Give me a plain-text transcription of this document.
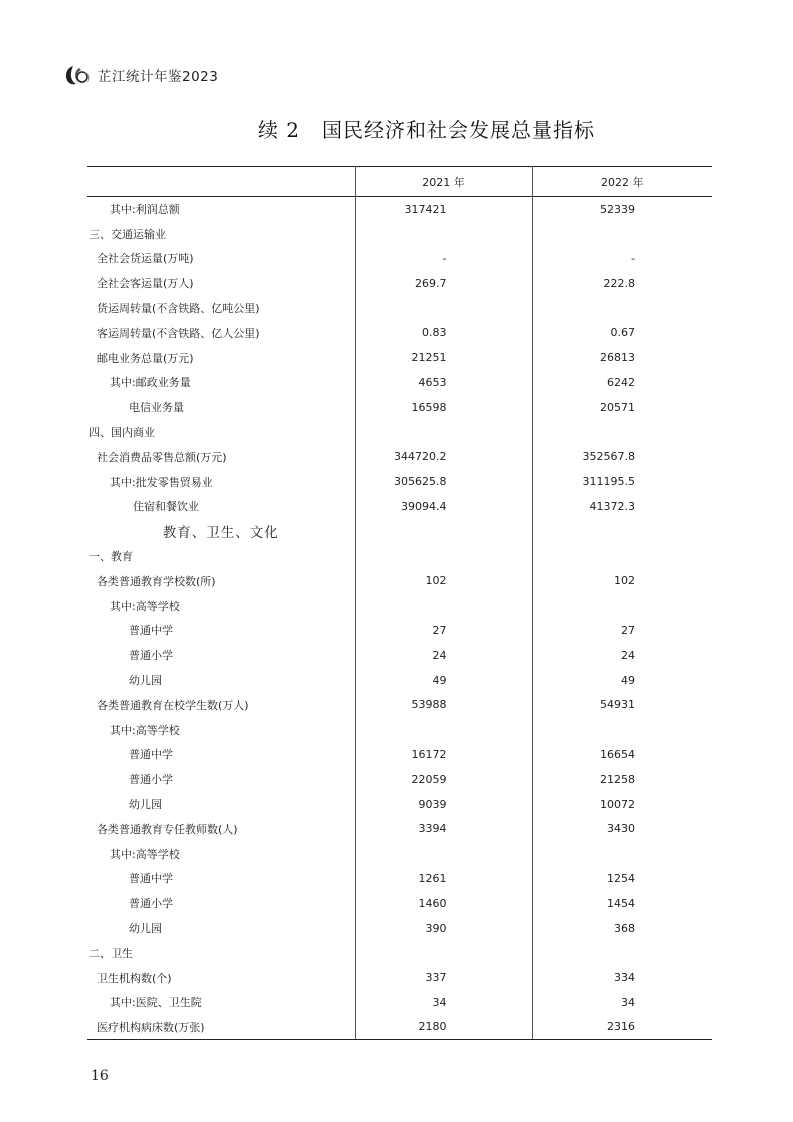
芷江统计年鉴2023
续 2 国民经济和社会发展总量指标
	2021 年	2022 年
其中:利润总额	317421	52339
三、交通运输业		
全社会货运量(万吨)	-	-
全社会客运量(万人)	269.7	222.8
货运周转量(不含铁路、亿吨公里)		
客运周转量(不含铁路、亿人公里)	0.83	0.67
邮电业务总量(万元)	21251	26813
其中:邮政业务量	4653	6242
电信业务量	16598	20571
四、国内商业		
社会消费品零售总额(万元)	344720.2	352567.8
其中:批发零售贸易业	305625.8	311195.5
住宿和餐饮业	39094.4	41372.3
教育、卫生、文化		
一、教育		
各类普通教育学校数(所)	102	102
其中:高等学校		
普通中学	27	27
普通小学	24	24
幼儿园	49	49
各类普通教育在校学生数(万人)	53988	54931
其中:高等学校		
普通中学	16172	16654
普通小学	22059	21258
幼儿园	9039	10072
各类普通教育专任教师数(人)	3394	3430
其中:高等学校		
普通中学	1261	1254
普通小学	1460	1454
幼儿园	390	368
二、卫生		
卫生机构数(个)	337	334
其中:医院、卫生院	34	34
医疗机构病床数(万张)	2180	2316
16
